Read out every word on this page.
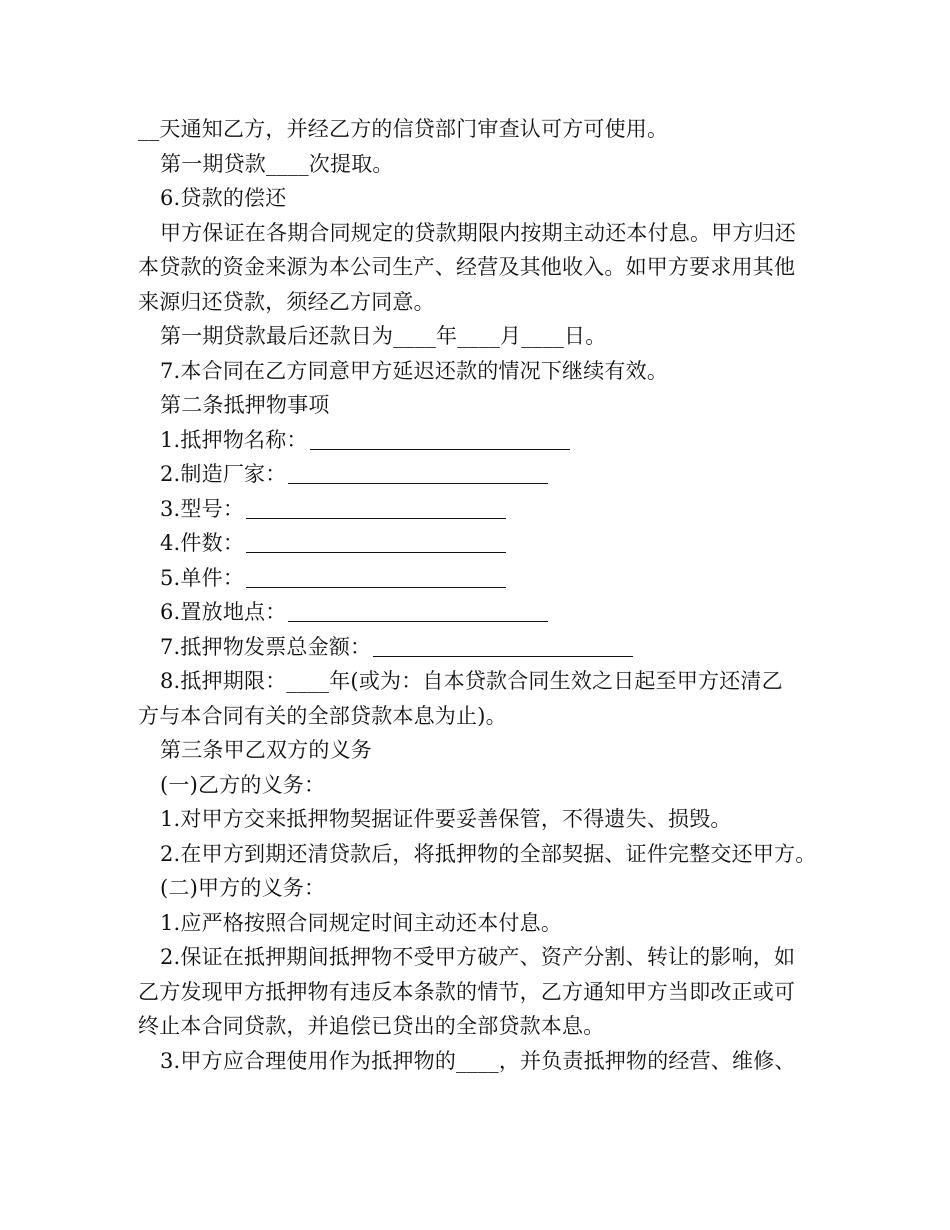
__天通知乙方，并经乙方的信贷部门审查认可方可使用。
第一期贷款____次提取。
6.贷款的偿还
甲方保证在各期合同规定的贷款期限内按期主动还本付息。甲方归还
本贷款的资金来源为本公司生产、经营及其他收入。如甲方要求用其他
来源归还贷款，须经乙方同意。
第一期贷款最后还款日为____年____月____日。
7.本合同在乙方同意甲方延迟还款的情况下继续有效。
第二条抵押物事项
1.抵押物名称：
2.制造厂家：
3.型号：
4.件数：
5.单件：
6.置放地点：
7.抵押物发票总金额：
8.抵押期限：____年(或为：自本贷款合同生效之日起至甲方还清乙
方与本合同有关的全部贷款本息为止)。
第三条甲乙双方的义务
(一)乙方的义务：
1.对甲方交来抵押物契据证件要妥善保管，不得遗失、损毁。
2.在甲方到期还清贷款后，将抵押物的全部契据、证件完整交还甲方。
(二)甲方的义务：
1.应严格按照合同规定时间主动还本付息。
2.保证在抵押期间抵押物不受甲方破产、资产分割、转让的影响，如
乙方发现甲方抵押物有违反本条款的情节，乙方通知甲方当即改正或可
终止本合同贷款，并追偿已贷出的全部贷款本息。
3.甲方应合理使用作为抵押物的____，并负责抵押物的经营、维修、
